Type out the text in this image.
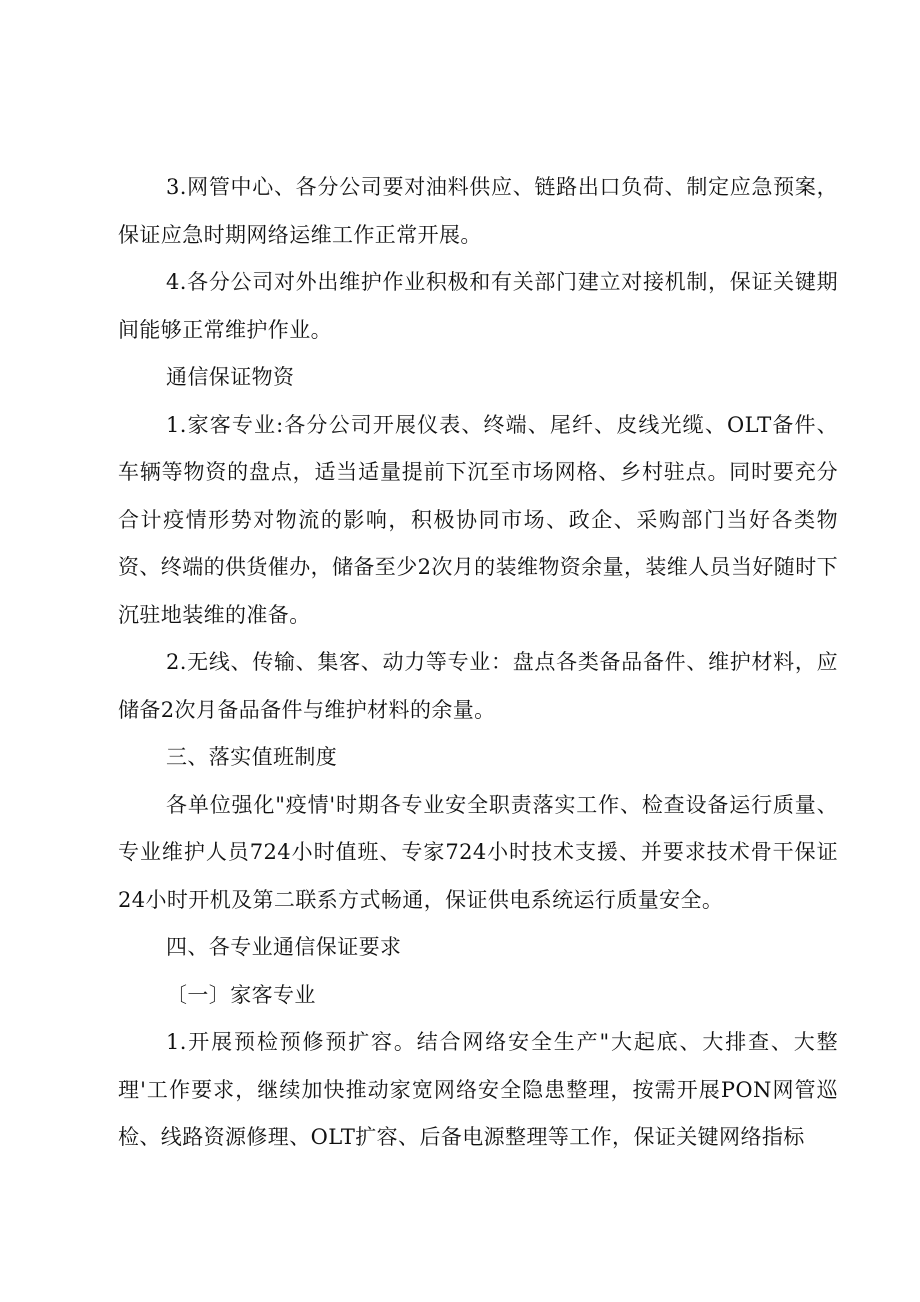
3.网管中心、各分公司要对油料供应、链路出口负荷、制定应急预案，保证应急时期网络运维工作正常开展。

4.各分公司对外出维护作业积极和有关部门建立对接机制，保证关键期间能够正常维护作业。

通信保证物资

1.家客专业:各分公司开展仪表、终端、尾纤、皮线光缆、OLT备件、车辆等物资的盘点，适当适量提前下沉至市场网格、乡村驻点。同时要充分合计疫情形势对物流的影响，积极协同市场、政企、采购部门当好各类物资、终端的供货催办，储备至少2次月的装维物资余量，装维人员当好随时下沉驻地装维的准备。

2.无线、传输、集客、动力等专业：盘点各类备品备件、维护材料，应储备2次月备品备件与维护材料的余量。

三、落实值班制度

各单位强化"疫情'时期各专业安全职责落实工作、检查设备运行质量、专业维护人员724小时值班、专家724小时技术支援、并要求技术骨干保证24小时开机及第二联系方式畅通，保证供电系统运行质量安全。

四、各专业通信保证要求

〔一〕家客专业

1.开展预检预修预扩容。结合网络安全生产"大起底、大排查、大整理'工作要求，继续加快推动家宽网络安全隐患整理，按需开展PON网管巡检、线路资源修理、OLT扩容、后备电源整理等工作，保证关键网络指标
